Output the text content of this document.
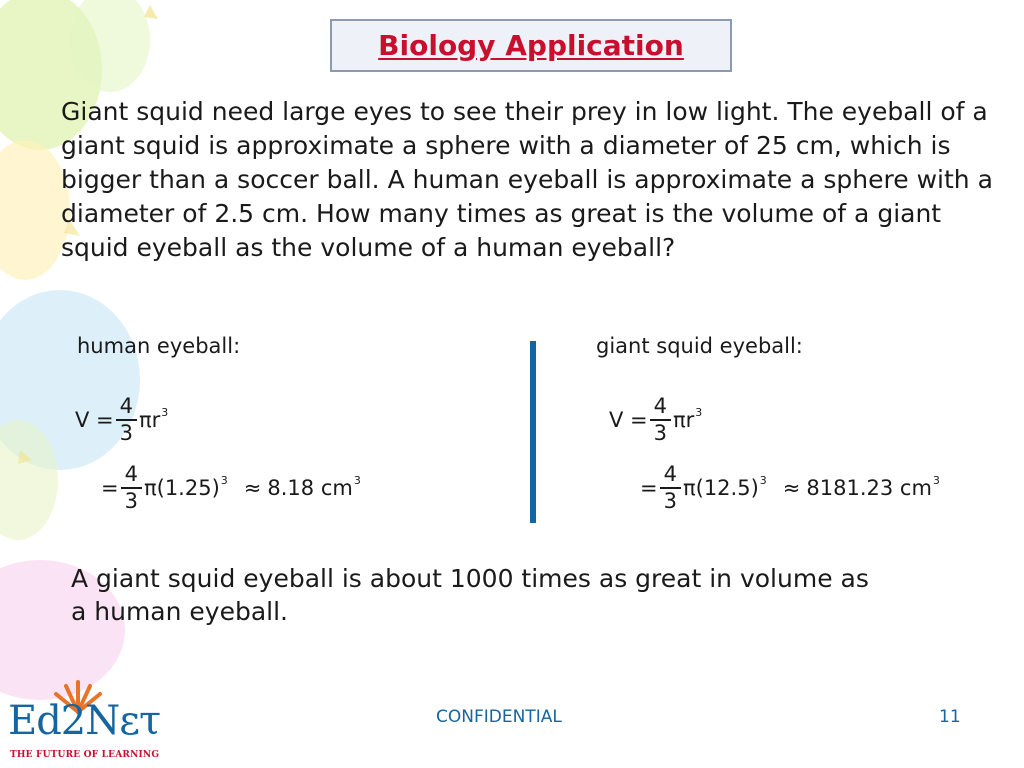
Biology Application

Giant squid need large eyes to see their prey in low light. The eyeball of a giant squid is approximate a sphere with a diameter of 25 cm, which is bigger than a soccer ball. A human eyeball is approximate a sphere with a diameter of 2.5 cm. How many times as great is the volume of a giant squid eyeball as the volume of a human eyeball?

human eyeball:	giant squid eyeball:
$V = \frac{4}{3}$ πr 3
= $\frac{4}{3} \pi(1.25) 3 \approx 8.18$ cm 3
$V = \frac{4}{3}$ πr 3
= $\frac{4}{3} \pi(12.5) 3 \approx 8181.23$ cm 3

A giant squid eyeball is about 1000 times as great in volume as a human eyeball.

Ed2Nετ
THE FUTURE OF LEARNING
CONFIDENTIAL	11
